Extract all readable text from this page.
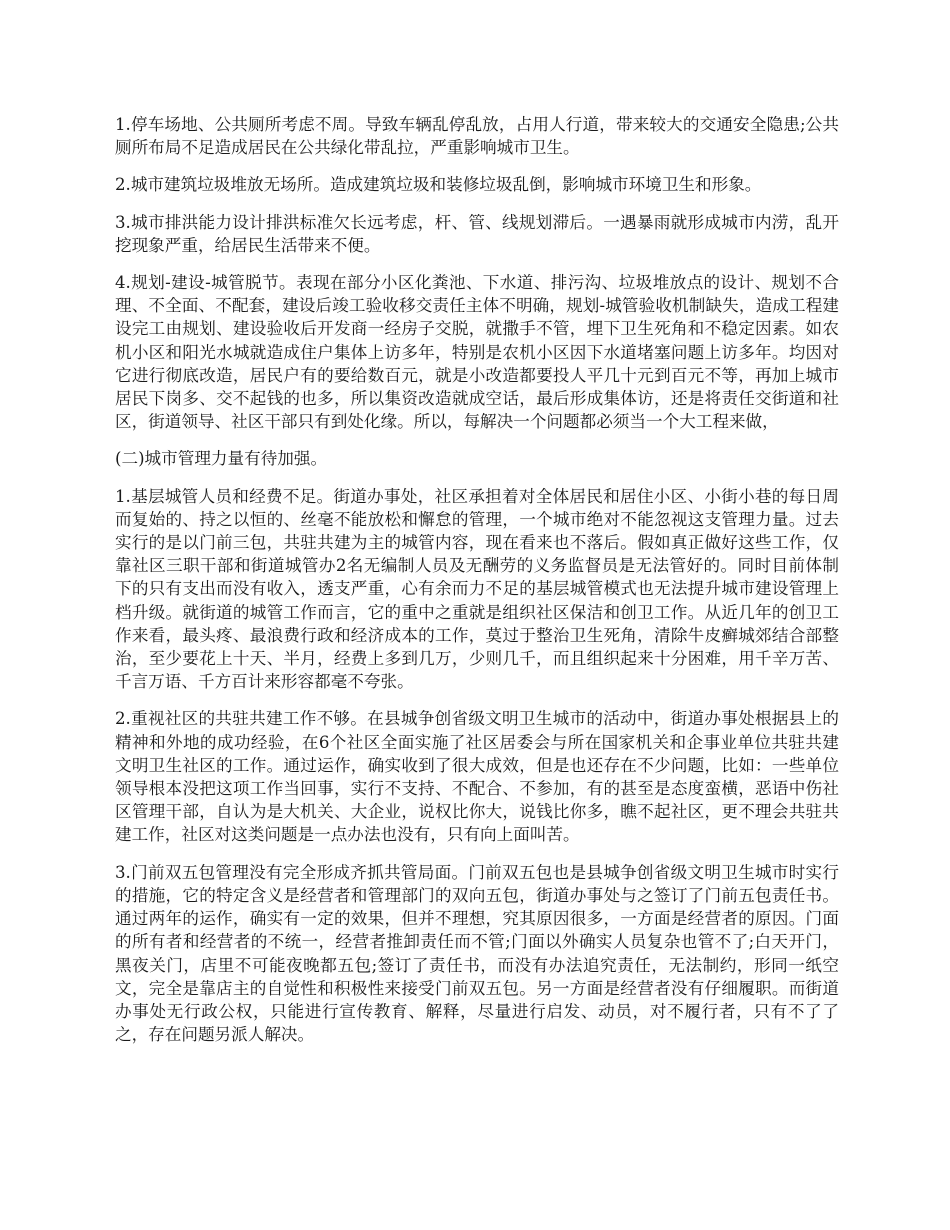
1.停车场地、公共厕所考虑不周。导致车辆乱停乱放，占用人行道，带来较大的交通安全隐患;公共厕所布局不足造成居民在公共绿化带乱拉，严重影响城市卫生。

2.城市建筑垃圾堆放无场所。造成建筑垃圾和装修垃圾乱倒，影响城市环境卫生和形象。

3.城市排洪能力设计排洪标准欠长远考虑，杆、管、线规划滞后。一遇暴雨就形成城市内涝，乱开挖现象严重，给居民生活带来不便。

4.规划-建设-城管脱节。表现在部分小区化粪池、下水道、排污沟、垃圾堆放点的设计、规划不合理、不全面、不配套，建设后竣工验收移交责任主体不明确，规划-城管验收机制缺失，造成工程建设完工由规划、建设验收后开发商一经房子交脱，就撒手不管，埋下卫生死角和不稳定因素。如农机小区和阳光水城就造成住户集体上访多年，特别是农机小区因下水道堵塞问题上访多年。均因对它进行彻底改造，居民户有的要给数百元，就是小改造都要投人平几十元到百元不等，再加上城市居民下岗多、交不起钱的也多，所以集资改造就成空话，最后形成集体访，还是将责任交街道和社区，街道领导、社区干部只有到处化缘。所以，每解决一个问题都必须当一个大工程来做，

(二)城市管理力量有待加强。

1.基层城管人员和经费不足。街道办事处，社区承担着对全体居民和居住小区、小街小巷的每日周而复始的、持之以恒的、丝毫不能放松和懈怠的管理，一个城市绝对不能忽视这支管理力量。过去实行的是以门前三包，共驻共建为主的城管内容，现在看来也不落后。假如真正做好这些工作，仅靠社区三职干部和街道城管办2名无编制人员及无酬劳的义务监督员是无法管好的。同时目前体制下的只有支出而没有收入，透支严重，心有余而力不足的基层城管模式也无法提升城市建设管理上档升级。就街道的城管工作而言，它的重中之重就是组织社区保洁和创卫工作。从近几年的创卫工作来看，最头疼、最浪费行政和经济成本的工作，莫过于整治卫生死角，清除牛皮癣城郊结合部整治，至少要花上十天、半月，经费上多到几万，少则几千，而且组织起来十分困难，用千辛万苦、千言万语、千方百计来形容都毫不夸张。

2.重视社区的共驻共建工作不够。在县城争创省级文明卫生城市的活动中，街道办事处根据县上的精神和外地的成功经验，在6个社区全面实施了社区居委会与所在国家机关和企事业单位共驻共建文明卫生社区的工作。通过运作，确实收到了很大成效，但是也还存在不少问题，比如：一些单位领导根本没把这项工作当回事，实行不支持、不配合、不参加，有的甚至是态度蛮横，恶语中伤社区管理干部，自认为是大机关、大企业，说权比你大，说钱比你多，瞧不起社区，更不理会共驻共建工作，社区对这类问题是一点办法也没有，只有向上面叫苦。

3.门前双五包管理没有完全形成齐抓共管局面。门前双五包也是县城争创省级文明卫生城市时实行的措施，它的特定含义是经营者和管理部门的双向五包，街道办事处与之签订了门前五包责任书。通过两年的运作，确实有一定的效果，但并不理想，究其原因很多，一方面是经营者的原因。门面的所有者和经营者的不统一，经营者推卸责任而不管;门面以外确实人员复杂也管不了;白天开门，黑夜关门，店里不可能夜晚都五包;签订了责任书，而没有办法追究责任，无法制约，形同一纸空文，完全是靠店主的自觉性和积极性来接受门前双五包。另一方面是经营者没有仔细履职。而街道办事处无行政公权，只能进行宣传教育、解释，尽量进行启发、动员，对不履行者，只有不了了之，存在问题另派人解决。
